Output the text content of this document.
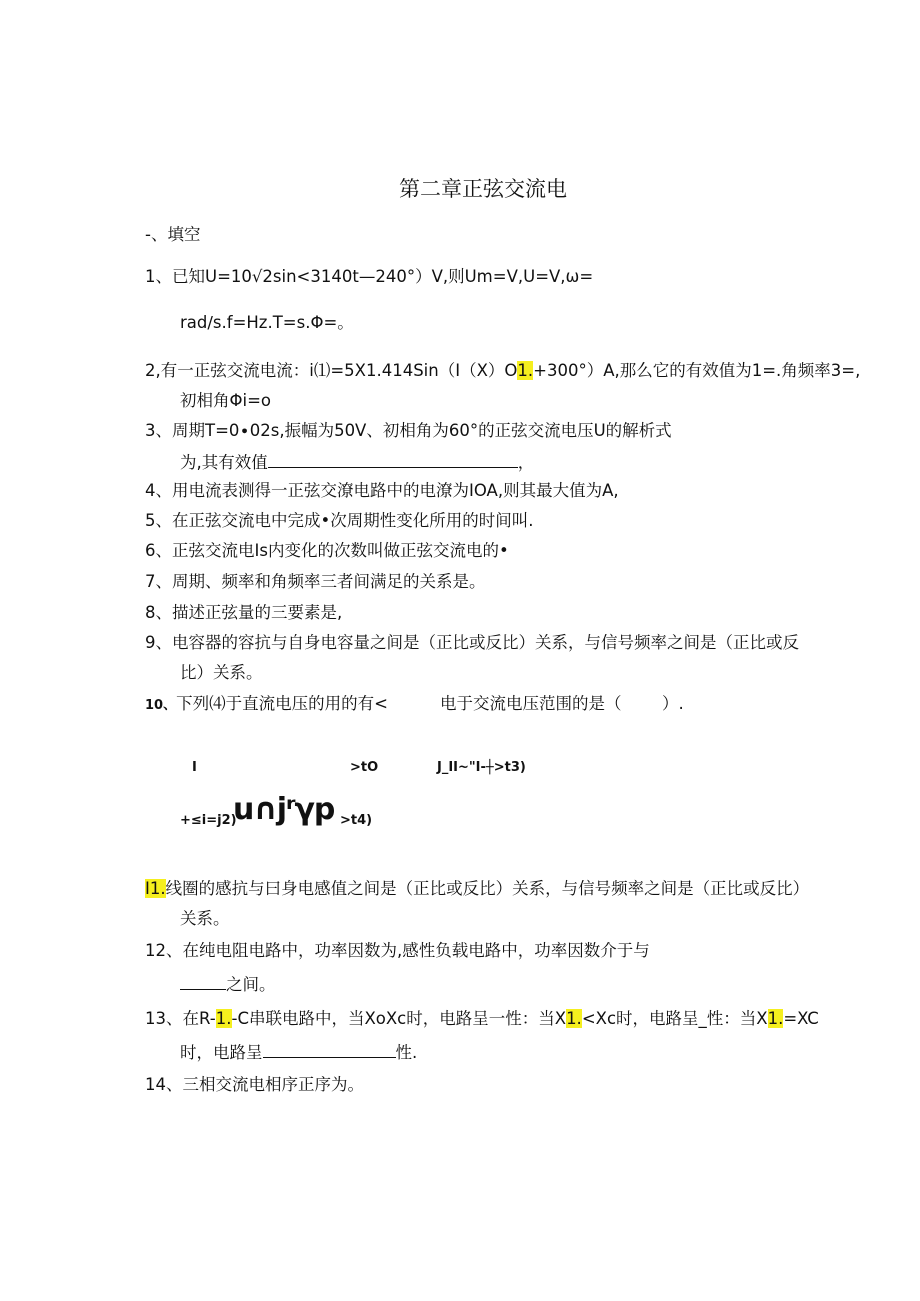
第二章正弦交流电
-、填空
1、已知U=10√2sin<3140t—240°）V,则Um=V,U=V,ω=
rad∕s.f=Hz.T=s.Φ=。
2,有一正弦交流电流：i⑴=5X1.414Sin（I（X）O1.+300°）A,那么它的有效值为1=.角频率3=,
初相角Φi=o
3、周期T=0∙02s,振幅为50V、初相角为60°的正弦交流电压U的解析式
为,其有效值	，
4、用电流表测得一正弦交潦电路中的电潦为IOA,则其最大值为A,
5、在正弦交流电中完成•次周期性变化所用的时间叫.
6、正弦交流电Is内变化的次数叫做正弦交流电的•
7、周期、频率和角频率三者间满足的关系是。
8、描述正弦量的三要素是,
9、电容器的容抗与自身电容量之间是（正比或反比）关系，与信号频率之间是（正比或反
比）关系。
10、下列⑷于直流电压的用的有<	电于交流电压范围的是（ ）.
I	>tO	J_II~"I-┼>t3)
+≤i=j2)
u∩jʳγp >t4)
I1.线圈的感抗与曰身电感值之间是（正比或反比）关系，与信号频率之间是（正比或反比）
关系。
12、在纯电阻电路中，功率因数为,感性负载电路中，功率因数介于与
之间。
13、在R-1.-C串联电路中，当XoXc时，电路呈一性：当X1.<Xc时，电路呈_性：当X1.=XC
时，电路呈	性.
14、三相交流电相序正序为。
